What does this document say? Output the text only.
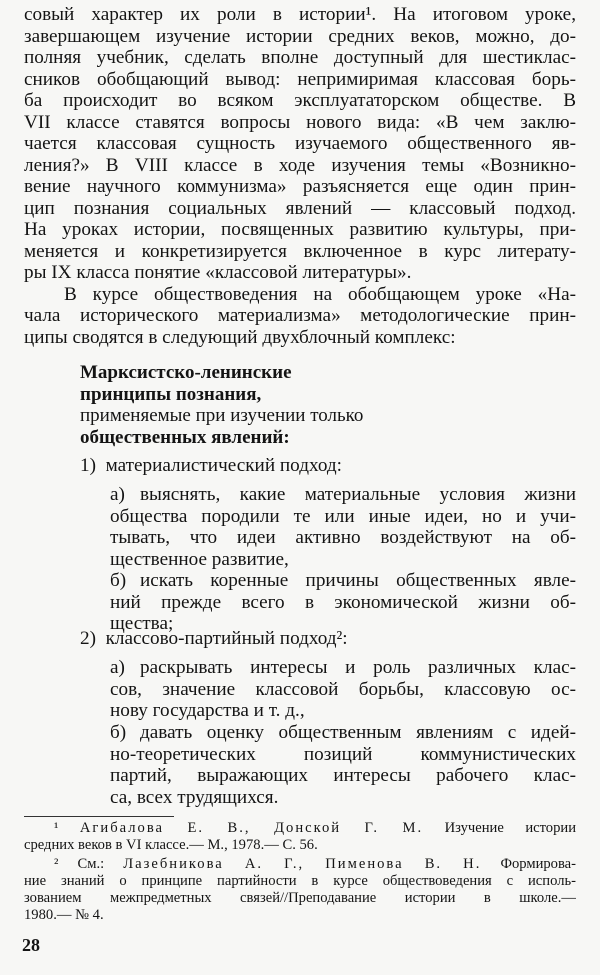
совый характер их роли в истории¹. На итоговом уроке,
завершающем изучение истории средних веков, можно, до-
полняя учебник, сделать вполне доступный для шестиклас-
сников обобщающий вывод: непримиримая классовая борь-
ба происходит во всяком эксплуататорском обществе. В
VII классе ставятся вопросы нового вида: «В чем заклю-
чается классовая сущность изучаемого общественного яв-
ления?» В VIII классе в ходе изучения темы «Возникно-
вение научного коммунизма» разъясняется еще один прин-
цип познания социальных явлений — классовый подход.
На уроках истории, посвященных развитию культуры, при-
меняется и конкретизируется включенное в курс литерату-
ры IX класса понятие «классовой литературы».
В курсе обществоведения на обобщающем уроке «На-
чала исторического материализма» методологические прин-
ципы сводятся в следующий двухблочный комплекс:
Марксистско-ленинские
принципы познания,
применяемые при изучении только
общественных явлений:
1) материалистический подход:
а) выяснять, какие материальные условия жизни
общества породили те или иные идеи, но и учи-
тывать, что идеи активно воздействуют на об-
щественное развитие,
б) искать коренные причины общественных явле-
ний прежде всего в экономической жизни об-
щества;
2) классово-партийный подход²:
а) раскрывать интересы и роль различных клас-
сов, значение классовой борьбы, классовую ос-
нову государства и т. д.,
б) давать оценку общественным явлениям с идей-
но-теоретических позиций коммунистических
партий, выражающих интересы рабочего клас-
са, всех трудящихся.
¹ Агибалова Е. В., Донской Г. М. Изучение истории
средних веков в VI классе.— М., 1978.— С. 56.
² См.: Лазебникова А. Г., Пименова В. Н. Формирова-
ние знаний о принципе партийности в курсе обществоведения с исполь-
зованием межпредметных связей//Преподавание истории в школе.—
1980.— № 4.
28
